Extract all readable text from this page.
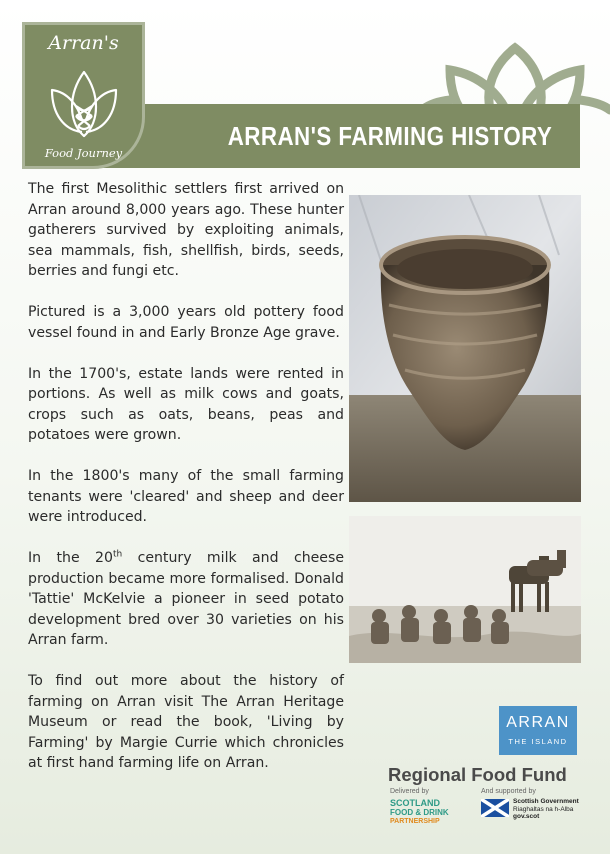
ARRAN'S FARMING HISTORY
Arran's
Food Journey

The first Mesolithic settlers first arrived on Arran around 8,000 years ago. These hunter gatherers survived by exploiting animals, sea mammals, fish, shellfish, birds, seeds, berries and fungi etc.

Pictured is a 3,000 years old pottery food vessel found in and Early Bronze Age grave.

In the 1700's, estate lands were rented in portions. As well as milk cows and goats, crops such as oats, beans, peas and potatoes were grown.

In the 1800's many of the small farming tenants were 'cleared' and sheep and deer were introduced.

In the 20th century milk and cheese production became more formalised. Donald 'Tattie' McKelvie a pioneer in seed potato development bred over 30 varieties on his Arran farm.

To find out more about the history of farming on Arran visit The Arran Heritage Museum or read the book, 'Living by Farming' by Margie Currie which chronicles at first hand farming life on Arran.

ARRAN
THE ISLAND
Regional Food Fund
Delivered by	And supported by
SCOTLAND
FOOD & DRINK
PARTNERSHIP
Scottish Government
Riaghaltas na h-Alba
gov.scot
